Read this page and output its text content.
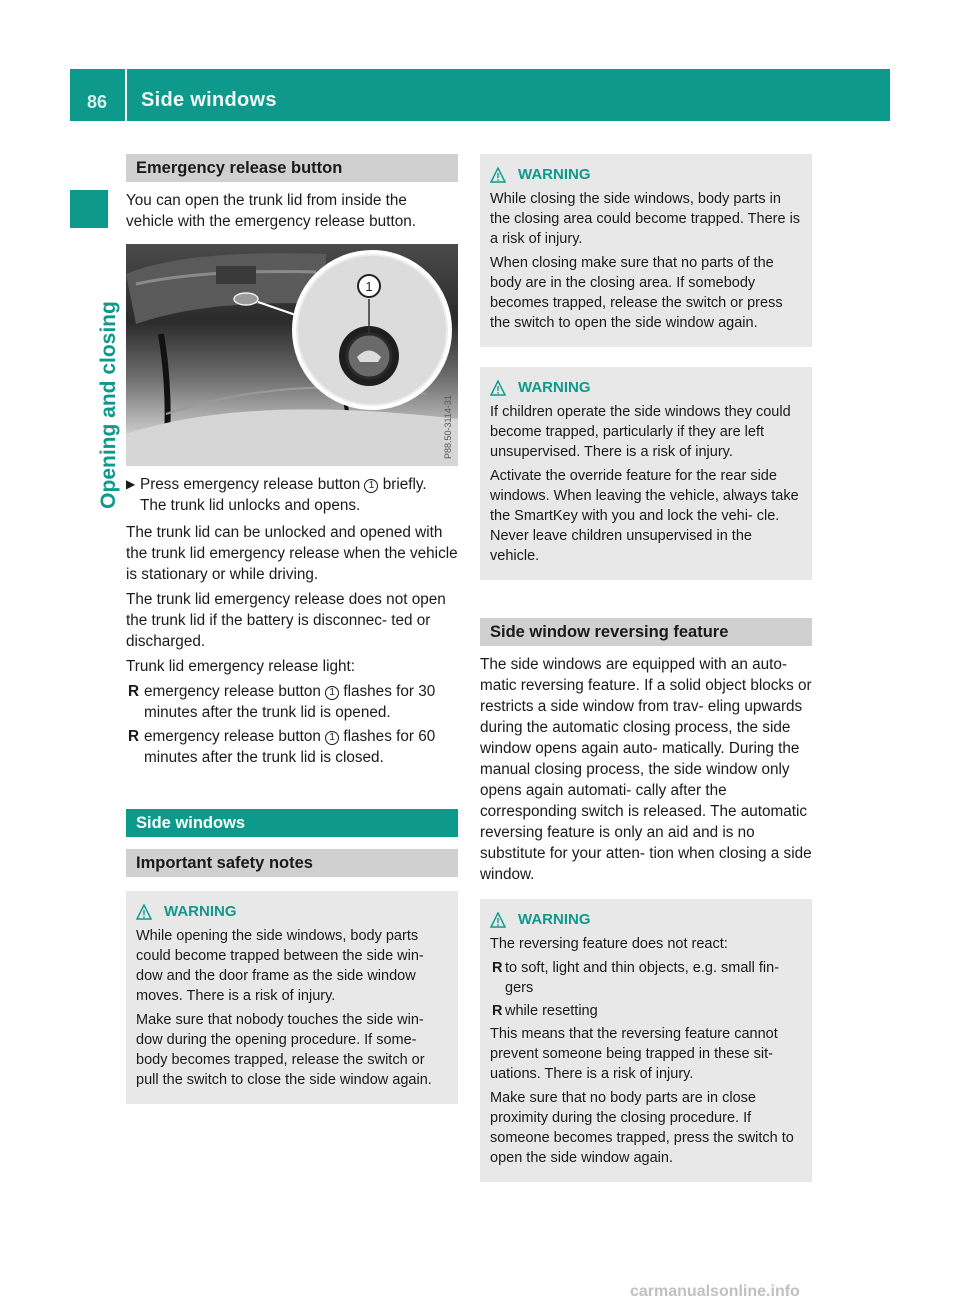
86 Side windows
Opening and closing
Emergency release button

You can open the trunk lid from inside the vehicle with the emergency release button.

1
P88.50-3114-31
▶ Press emergency release button 1 briefly.
The trunk lid unlocks and opens.

The trunk lid can be unlocked and opened with the trunk lid emergency release when the vehicle is stationary or while driving.

The trunk lid emergency release does not open the trunk lid if the battery is disconnec- ted or discharged.

Trunk lid emergency release light:

R emergency release button 1 flashes for 30 minutes after the trunk lid is opened.
R emergency release button 1 flashes for 60 minutes after the trunk lid is closed.
Side windows
Important safety notes
WARNING

While opening the side windows, body parts could become trapped between the side win- dow and the door frame as the side window moves. There is a risk of injury.

Make sure that nobody touches the side win- dow during the opening procedure. If some- body becomes trapped, release the switch or pull the switch to close the side window again.

WARNING

While closing the side windows, body parts in the closing area could become trapped. There is a risk of injury.

When closing make sure that no parts of the body are in the closing area. If somebody becomes trapped, release the switch or press the switch to open the side window again.

WARNING

If children operate the side windows they could become trapped, particularly if they are left unsupervised. There is a risk of injury.

Activate the override feature for the rear side windows. When leaving the vehicle, always take the SmartKey with you and lock the vehi- cle. Never leave children unsupervised in the vehicle.

Side window reversing feature

The side windows are equipped with an auto- matic reversing feature. If a solid object blocks or restricts a side window from trav- eling upwards during the automatic closing process, the side window opens again auto- matically. During the manual closing process, the side window only opens again automati- cally after the corresponding switch is released. The automatic reversing feature is only an aid and is no substitute for your atten- tion when closing a side window.

WARNING

The reversing feature does not react:

R to soft, light and thin objects, e.g. small fin- gers
R while resetting

This means that the reversing feature cannot prevent someone being trapped in these sit- uations. There is a risk of injury.

Make sure that no body parts are in close proximity during the closing procedure. If someone becomes trapped, press the switch to open the side window again.

carmanualsonline.info
